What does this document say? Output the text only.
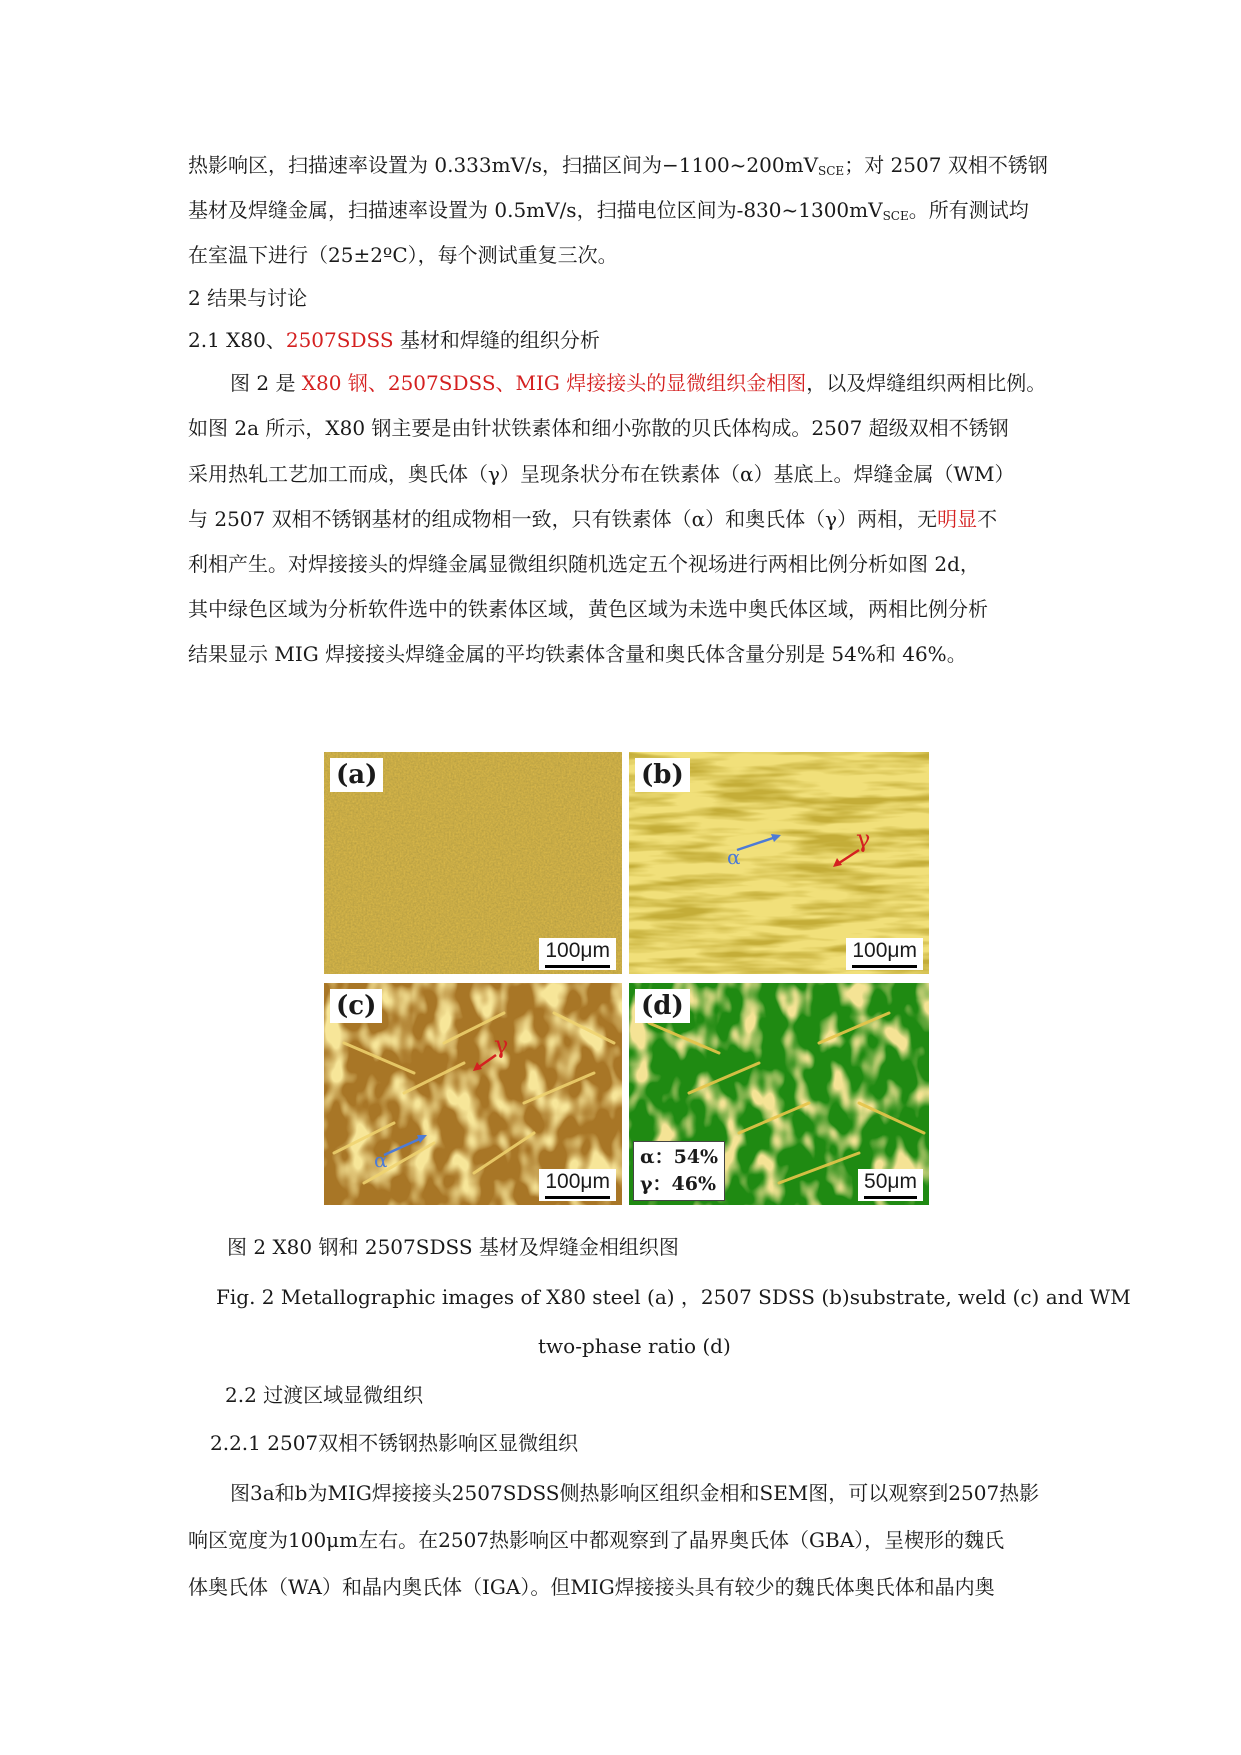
热影响区，扫描速率设置为 0.333mV/s，扫描区间为$-1100\sim 200mV_{SCE}$；对 2507 双相不锈钢
基材及焊缝金属，扫描速率设置为 0.5mV/s，扫描电位区间为$-830\sim 1300mV_{SCE}$。所有测试均
在室温下进行（25±2ºC），每个测试重复三次。
2 结果与讨论
2.1 X80、2507SDSS 基材和焊缝的组织分析
图 2 是 X80 钢、2507SDSS、MIG 焊接接头的显微组织金相图，以及焊缝组织两相比例。
如图 2a 所示，X80 钢主要是由针状铁素体和细小弥散的贝氏体构成。2507 超级双相不锈钢
采用热轧工艺加工而成，奥氏体（γ）呈现条状分布在铁素体（α）基底上。焊缝金属（WM）
与 2507 双相不锈钢基材的组成物相一致，只有铁素体（α）和奥氏体（γ）两相，无明显不
利相产生。对焊接接头的焊缝金属显微组织随机选定五个视场进行两相比例分析如图 2d，
其中绿色区域为分析软件选中的铁素体区域，黄色区域为未选中奥氏体区域，两相比例分析
结果显示 MIG 焊接接头焊缝金属的平均铁素体含量和奥氏体含量分别是 54%和 46%。
(a)
100μm
α
γ
(b)
100μm
α
γ
(c)
100μm
(d)
α：54%
γ：46%	50μm
图 2 X80 钢和 2507SDSS 基材及焊缝金相组织图
Fig. 2 Metallographic images of X80 steel (a) ，2507 SDSS (b)substrate, weld (c) and WM
two-phase ratio (d)
2.2 过渡区域显微组织
2.2.1 2507双相不锈钢热影响区显微组织
图3a和b为MIG焊接接头2507SDSS侧热影响区组织金相和SEM图，可以观察到2507热影
响区宽度为100μm左右。在2507热影响区中都观察到了晶界奥氏体（GBA），呈楔形的魏氏
体奥氏体（WA）和晶内奥氏体（IGA）。但MIG焊接接头具有较少的魏氏体奥氏体和晶内奥
